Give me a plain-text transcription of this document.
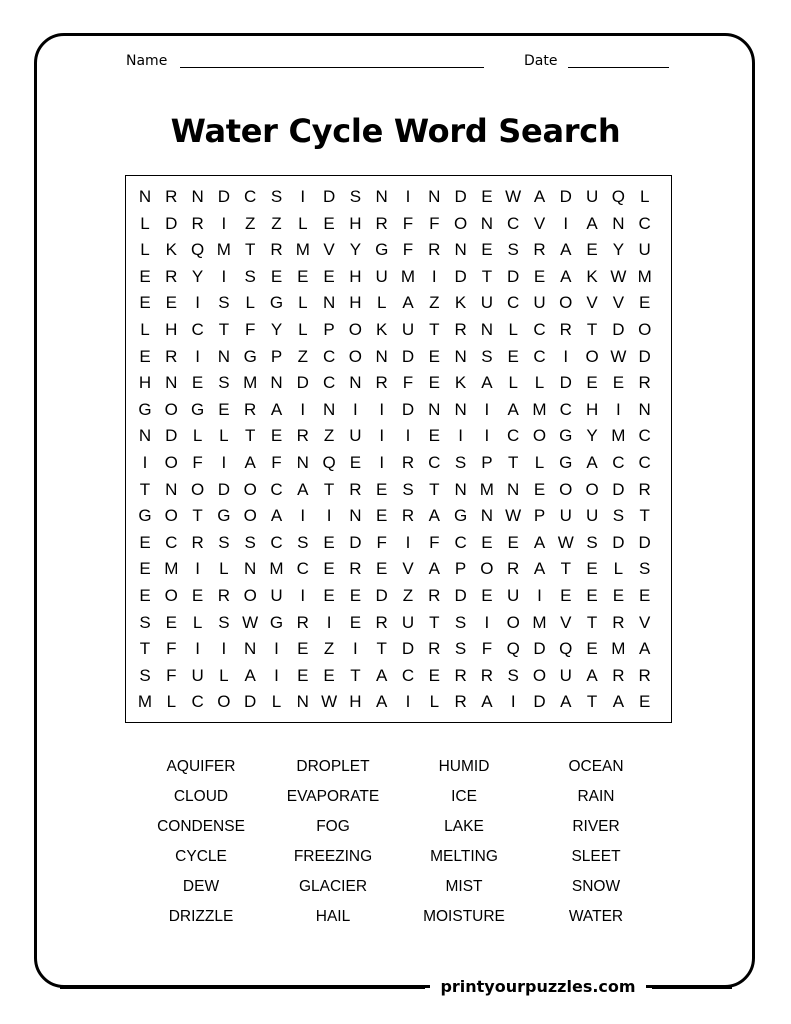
Name	Date
Water Cycle Word Search
N R N D C S	I	D S N	I	N D E W A D U Q L
L D R	I	Z Z L E H R F F O N C V	I	A N C
L K Q M T R M V Y G F R N E S R A E Y U
E R Y	I	S E E E H U M I	D T D E A K W M
E E	I	S L G L N H L A Z K U C U O V V E
L H C T F Y L P O K U T R N L C R T D O
E R	I	N G P Z C O N D E N S E C	I	O W D
H N E S M N D C N R F E K A L L D E E R
G O G E R A	I	N	I	I	D N N	I	A M C H	I	N
N D L L T E R Z U	I	I	E	I	I	C O G Y M C
I	O F	I	A F N Q E	I	R C S P T L G A C C
T N O D O C A T R E S T N M N E O O D R
G O T G O A	I	I	N E R A G N W P U U S T
E C R S S C S E D F	I	F C E E A W S D D
E M I	L N M C E R E V A P O R A T E L S
E O E R O U	I	E E D Z R D E U	I	E E E E
S E L S W G R	I	E R U T S	I	O M V T R V
T F	I	I	N	I	E Z	I	T D R S F Q D Q E M A
S F U L A	I	E E T A C E R R S O U A R R
M L C O D L N W H A	I	L R A	I	D A T A E
AQUIFER	DROPLET	HUMID	OCEAN
CLOUD	EVAPORATE	ICE	RAIN
CONDENSE	FOG	LAKE	RIVER
CYCLE	FREEZING	MELTING	SLEET
DEW	GLACIER	MIST	SNOW
DRIZZLE	HAIL	MOISTURE	WATER
printyourpuzzles.com
